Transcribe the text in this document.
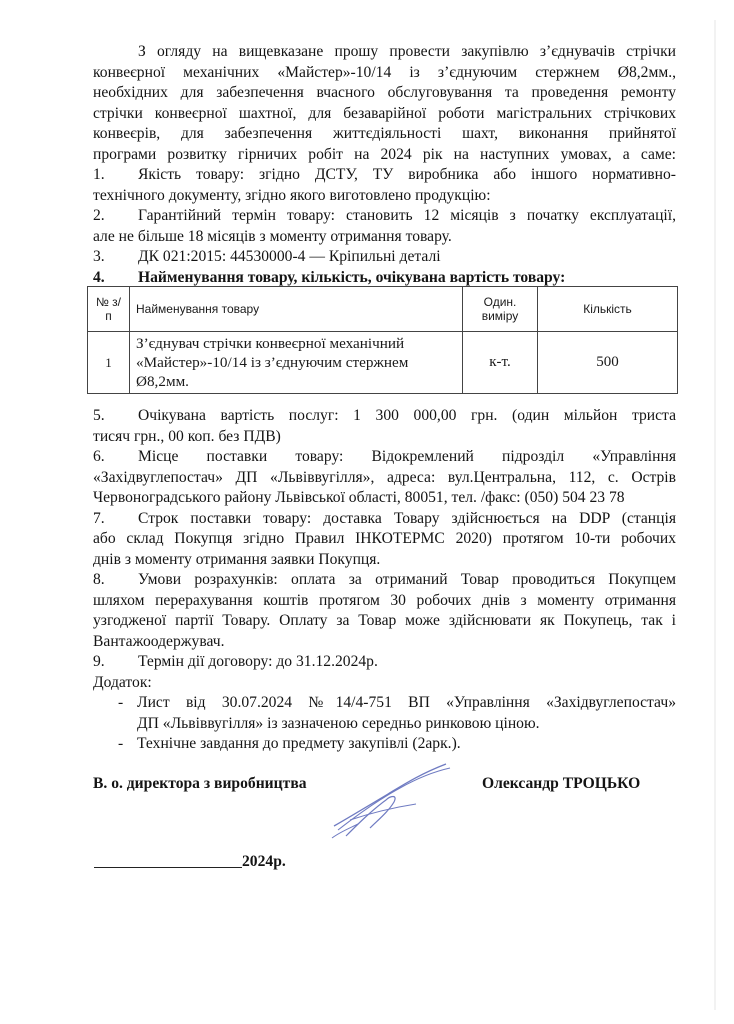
З огляду на вищевказане прошу провести закупівлю з’єднувачів стрічки
конвеєрної механічних «Майстер»-10/14 із з’єднуючим стержнем Ø8,2мм.,
необхідних для забезпечення вчасного обслуговування та проведення ремонту
стрічки конвеєрної шахтної, для безаварійної роботи магістральних стрічкових
конвеєрів, для забезпечення життєдіяльності шахт, виконання прийнятої
програми розвитку гірничих робіт на 2024 рік на наступних умовах, а саме:
1. Якість товару: згідно ДСТУ, ТУ виробника або іншого нормативно-
технічного документу, згідно якого виготовлено продукцію:
2. Гарантійний термін товару: становить 12 місяців з початку експлуатації,
але не більше 18 місяців з моменту отримання товару.
3. ДК 021:2015: 44530000-4 — Кріпильні деталі
4. Найменування товару, кількість, очікувана вартість товару:
№ з/п	Найменування товару	Один. виміру	Кількість
1	З’єднувач стрічки конвеєрної механічний «Майстер»-10/14 із з’єднуючим стержнем Ø8,2мм.	к-т.	500
5. Очікувана вартість послуг: 1 300 000,00 грн. (один мільйон триста
тисяч грн., 00 коп. без ПДВ)
6. Місце поставки товару: Відокремлений підрозділ «Управління
«Західвуглепостач» ДП «Львіввугілля», адреса: вул.Центральна, 112, с. Острів
Червоноградського району Львівської області, 80051, тел. /факс: (050) 504 23 78
7. Строк поставки товару: доставка Товару здійснюється на DDP (станція
або склад Покупця згідно Правил ІНКОТЕРМС 2020) протягом 10-ти робочих
днів з моменту отримання заявки Покупця.
8. Умови розрахунків: оплата за отриманий Товар проводиться Покупцем
шляхом перерахування коштів протягом 30 робочих днів з моменту отримання
узгодженої партії Товару. Оплату за Товар може здійснювати як Покупець, так і
Вантажоодержувач.
9. Термін дії договору: до 31.12.2024р.
Додаток:
- Лист від 30.07.2024 №14/4-751 ВП «Управління «Західвуглепостач»
ДП «Львіввугілля» із зазначеною середньо ринковою ціною.
- Технічне завдання до предмету закупівлі (2арк.).
В. о. директора з виробництва	Олександр ТРОЦЬКО
2024р.
